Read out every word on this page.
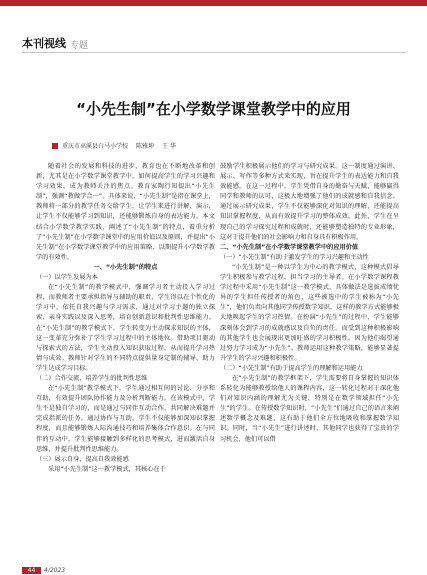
本刊视线 专题
“小先生制”在小学数学课堂教学中的应用
重庆市巫溪县白马小学校 陈雅坤 王 华

随着社会的发展和科技的进步，教育也在不断地改革和创新，尤其是在小学数学课堂教学中，如何提高学生的学习兴趣和学习效果，成为教师关注的焦点。教育家陶行知提出“小先生制”，强调“教做学合一”。具体来说，“小先生制”是指在课堂上，教师将一部分的教学任务交给学生，让学生来进行讲解、演示，让学生不仅能够学习到知识，还能够锻炼自身的表达能力。本文结合小学数学教学实践，阐述了“小先生制”的特点，着重分析了“小先生制”在小学数学课堂中的应用价值以及原则，并提出“小先生制”在小学数学课堂教学中的应用策略，以期提升小学数学教学的有效性。

一、“小先生制”的特点

（一）以学生发展为本

在“小先生制”的教学模式中，强调学习者主动投入学习过程，而教师者主要承担指导与辅助的职责，学生得以在个性化的学习中，依托自我兴趣与学习需求，通过对学习主题的独立探索、亲身实践以及深入思考，培育创新意识和批判性思维能力。在“小先生制”的教学模式下，学生转变为主动探求知识的主体，这一变革充分弥补了学生学习过程中的主体地位。借助项目驱动与探索式的方法，学生主动投入知识获取过程，从而提升学习热情与成效。教师针对学生的不同特点提供量身定制的辅导，助力学生达成学习目标。

（二）合作交流，培养学生的批判性思维

在“小先生制”教学模式下，学生通过相互间的讨论、分享和互助，有效提升团队协作能力及分析判断能力。在该模式中，学生不是独自学习的，而是通过与同伴互动合作，共同解决难题并完成指派的任务。通过协作与互助，学生不仅能够加深知识掌握程度，而且能够锻炼人际沟通技巧和培养集体合作意识。在与同伴的互动中，学生能够接触到多样化的思考模式，进而激活自身思维，并提升批判性思维能力。

（三）展示自身，提高自我效能感

采用“小先生制”这一教学模式，其核心在于

鼓励学生积极展示他们的学习与研究成果。这一制度通过演讲、展示、写作等多种方式来实现，旨在提升学生的表达能力和自我效能感。在这一过程中，学生凭借自身的勤奋与天赋，能够赢得同学和教师的认可，这极大地增强了他们的成就感和自我信念。通过展示研究成果，学生不仅能够深化对知识的理解，还能提高知识掌握程度，从而有效提升学习的整体成效。此外，学生在呈现自己的学习探究过程和成就时，还能够塑造独特的专业形象，这对于提升他们的社会影响力和自身具有积极作用。

二、“小先生制”在小学数学课堂教学中的应用价值

（一）“小先生制”有助于激发学生的学习兴趣和主动性

“小先生制”是一种以学生为中心的教学模式，这种模式倡导学生积极参与教学过程，担当学习的主导者。在小学数学课程教学过程中采用“小先生制”这一教学模式，具体做法是选拔成绩优异的学生担任传授者的角色，这些被选中的学生被称为“小先生”，他们负责向其他同学传授数学知识。这样的教学方式能够极大地唤起学生的学习热情。在扮演“小先生”的过程中，学生能够深刻体会到学习的成就感以及自负的责任。而受到这种积极影响的其他学生也会展现出更加旺盛的学习积极性，因为他们渴望通过努力学习成为“小先生”。教师运用这种教学策略，能够显著提升学生的学习兴趣和积极性。

（二）“小先生制”有助于提高学生的理解和运用能力

在“小先生制”的教学框架下，学生需要将自身掌握的知识体系转化为能够教授给他人的课程内容，这一转化过程对于深化他们对知识内涵的理解尤为关键，特别是在数学领域担任“小先生”的学生。在传授数学知识时，“小先生”们通过自己的语言来阐述数学概念及难题，这有助于他们全方位地吸收和掌握数学知识。同时，当“小先生”进行讲述时，其他同学也获得了宝贵的学习机会，他们可以借

44	4/2023
